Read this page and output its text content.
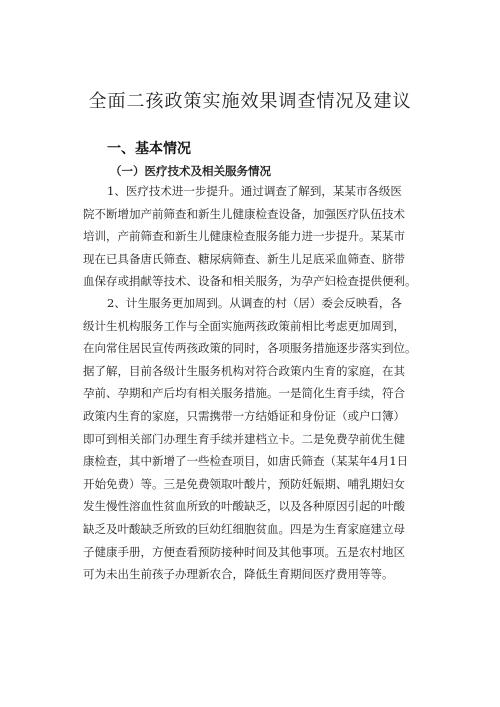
全面二孩政策实施效果调查情况及建议
一、基本情况
（一）医疗技术及相关服务情况
1、医疗技术进一步提升。通过调查了解到，某某市各级医
院不断增加产前筛查和新生儿健康检查设备，加强医疗队伍技术
培训，产前筛查和新生儿健康检查服务能力进一步提升。某某市
现在已具备唐氏筛查、糖尿病筛查、新生儿足底采血筛查、脐带
血保存或捐献等技术、设备和相关服务，为孕产妇检查提供便利。
2、计生服务更加周到。从调查的村（居）委会反映看，各
级计生机构服务工作与全面实施两孩政策前相比考虑更加周到，
在向常住居民宣传两孩政策的同时，各项服务措施逐步落实到位。
据了解，目前各级计生服务机构对符合政策内生育的家庭，在其
孕前、孕期和产后均有相关服务措施。一是简化生育手续，符合
政策内生育的家庭，只需携带一方结婚证和身份证（或户口簿）
即可到相关部门办理生育手续并建档立卡。二是免费孕前优生健
康检查，其中新增了一些检查项目，如唐氏筛查（某某年4月1日
开始免费）等。三是免费领取叶酸片，预防妊娠期、哺乳期妇女
发生慢性溶血性贫血所致的叶酸缺乏，以及各种原因引起的叶酸
缺乏及叶酸缺乏所致的巨幼红细胞贫血。四是为生育家庭建立母
子健康手册，方便查看预防接种时间及其他事项。五是农村地区
可为未出生前孩子办理新农合，降低生育期间医疗费用等等。
